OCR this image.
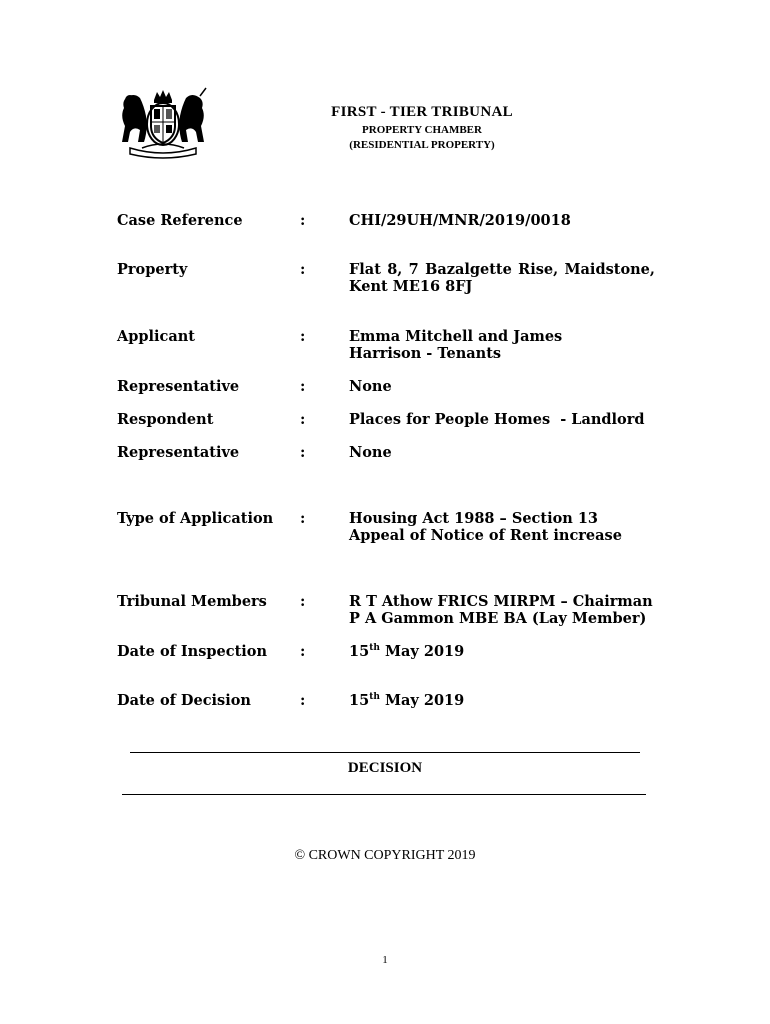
FIRST - TIER TRIBUNAL
PROPERTY CHAMBER
(RESIDENTIAL PROPERTY)
Case Reference	:	CHI/29UH/MNR/2019/0018
Property	:	Flat 8, 7 Bazalgette Rise, Maidstone,
Kent ME16 8FJ
Applicant	:	Emma Mitchell and James
Harrison - Tenants
Representative	:	None
Respondent	:	Places for People Homes  - Landlord
Representative	:	None
Type of Application :	Housing Act 1988 – Section 13
Appeal of Notice of Rent increase
Tribunal Members :	R T Athow FRICS MIRPM – Chairman
P A Gammon MBE BA (Lay Member)
Date of Inspection :	15th May 2019
Date of Decision	:	15th May 2019
DECISION
© CROWN COPYRIGHT 2019
1
